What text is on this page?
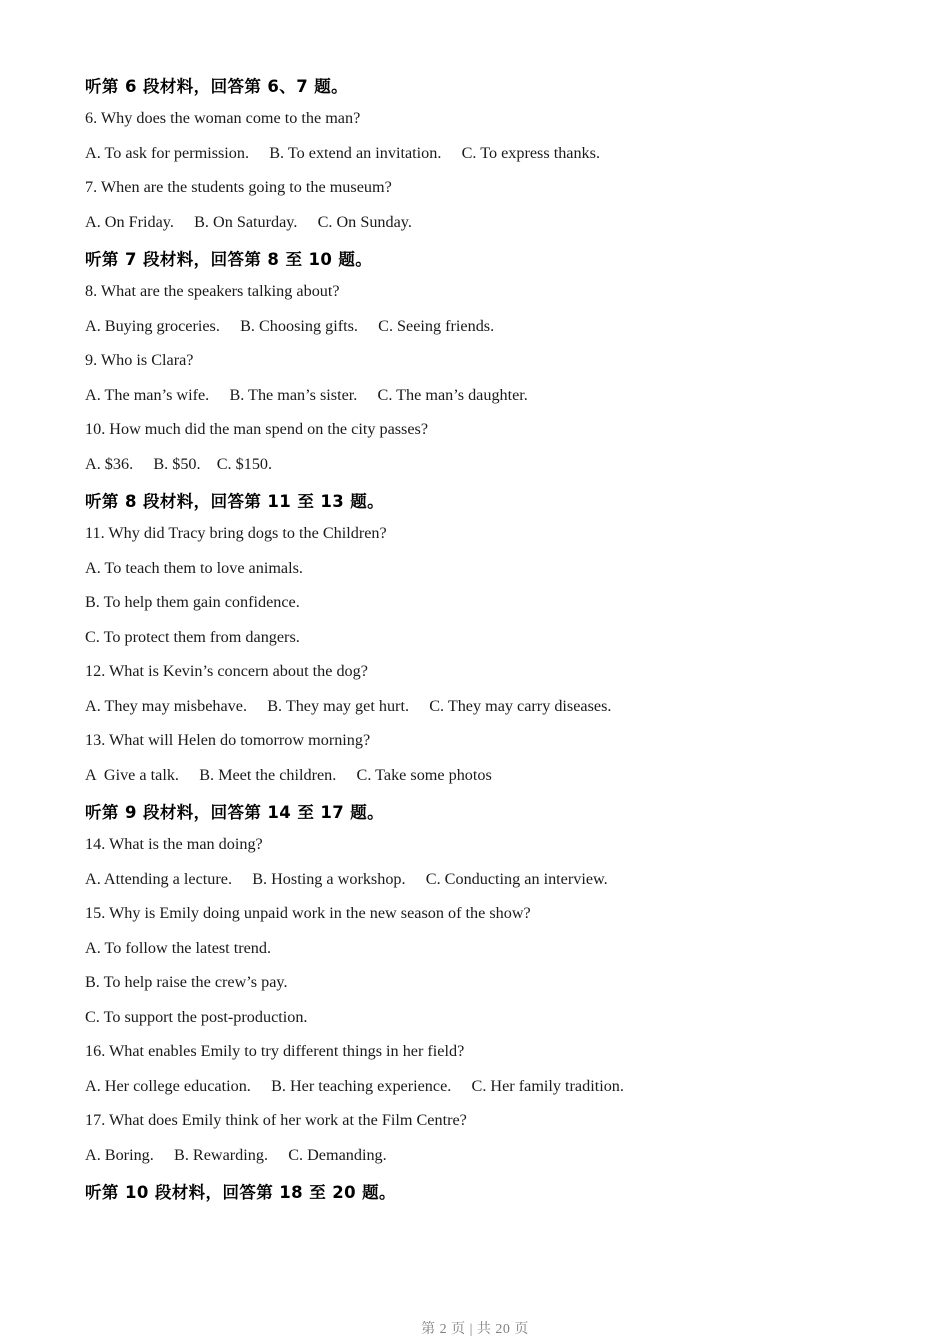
听第 6 段材料，回答第 6、7 题。

6. Why does the woman come to the man?

A. To ask for permission.     B. To extend an invitation.     C. To express thanks.

7. When are the students going to the museum?

A. On Friday.     B. On Saturday.     C. On Sunday.

听第 7 段材料，回答第 8 至 10 题。

8. What are the speakers talking about?

A. Buying groceries.     B. Choosing gifts.     C. Seeing friends.

9. Who is Clara?

A. The man’s wife.     B. The man’s sister.     C. The man’s daughter.

10. How much did the man spend on the city passes?

A. $36.     B. $50.    C. $150.

听第 8 段材料，回答第 11 至 13 题。

11. Why did Tracy bring dogs to the Children?

A. To teach them to love animals.

B. To help them gain confidence.

C. To protect them from dangers.

12. What is Kevin’s concern about the dog?

A. They may misbehave.     B. They may get hurt.     C. They may carry diseases.

13. What will Helen do tomorrow morning?

A  Give a talk.     B. Meet the children.     C. Take some photos

听第 9 段材料，回答第 14 至 17 题。

14. What is the man doing?

A. Attending a lecture.     B. Hosting a workshop.     C. Conducting an interview.

15. Why is Emily doing unpaid work in the new season of the show?

A. To follow the latest trend.

B. To help raise the crew’s pay.

C. To support the post-production.

16. What enables Emily to try different things in her field?

A. Her college education.     B. Her teaching experience.     C. Her family tradition.

17. What does Emily think of her work at the Film Centre?

A. Boring.     B. Rewarding.     C. Demanding.

听第 10 段材料，回答第 18 至 20 题。

第 2 页 | 共 20 页
